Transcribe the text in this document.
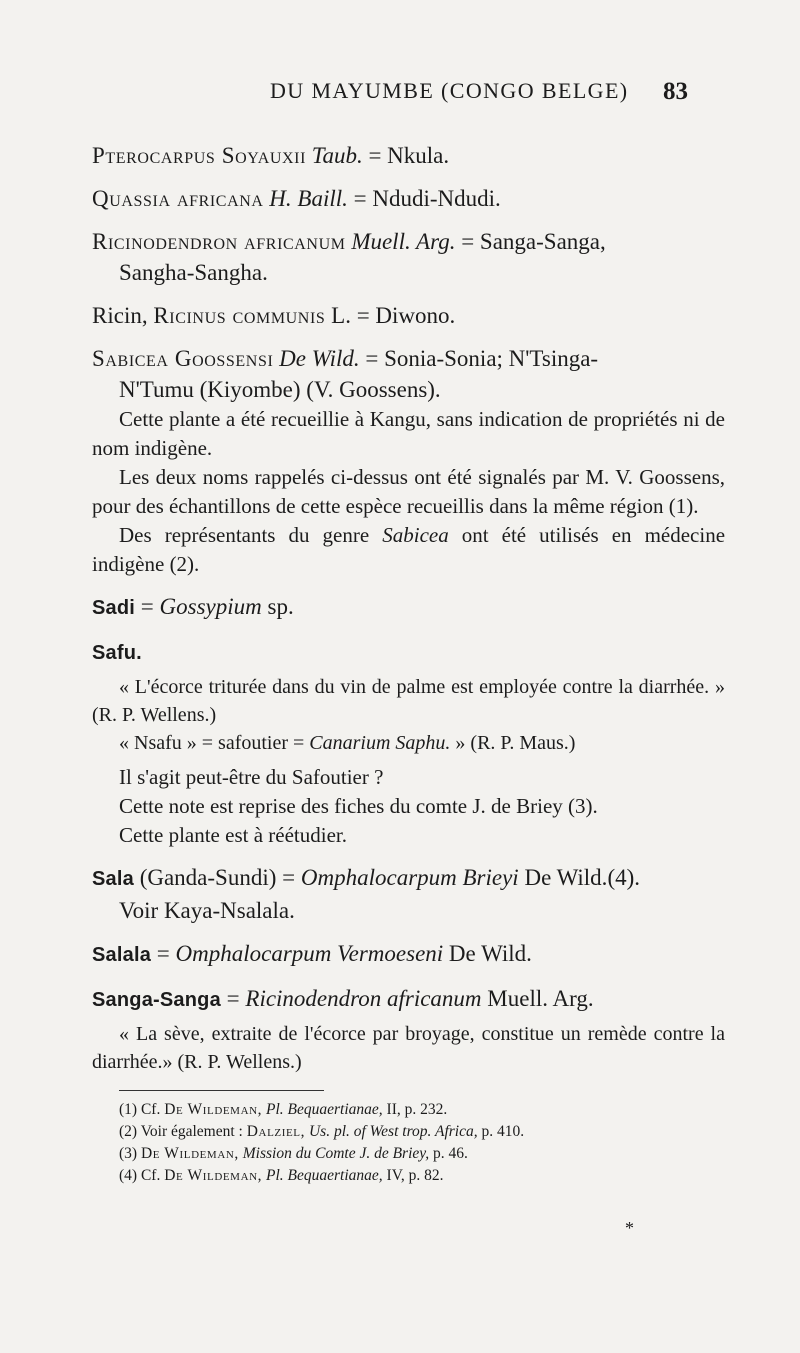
DU MAYUMBE (CONGO BELGE) 83

Pterocarpus Soyauxii Taub. = Nkula.

Quassia africana H. Baill. = Ndudi-Ndudi.

Ricinodendron africanum Muell. Arg. = Sanga-Sanga,
Sangha-Sangha.

Ricin, Ricinus communis L. = Diwono.

Sabicea Goossensi De Wild. = Sonia-Sonia; N'Tsinga-
N'Tumu (Kiyombe) (V. Goossens).

Cette plante a été recueillie à Kangu, sans indication de propriétés ni de nom indigène.

Les deux noms rappelés ci-dessus ont été signalés par M. V. Goossens, pour des échantillons de cette espèce recueillis dans la même région (1).

Des représentants du genre Sabicea ont été utilisés en médecine indigène (2).

Sadi = Gossypium sp.

Safu.

« L'écorce triturée dans du vin de palme est employée contre la diarrhée. » (R. P. Wellens.)

« Nsafu » = safoutier = Canarium Saphu. » (R. P. Maus.)

Il s'agit peut-être du Safoutier ?

Cette note est reprise des fiches du comte J. de Briey (3).

Cette plante est à réétudier.

Sala (Ganda-Sundi) = Omphalocarpum Brieyi De Wild.(4).
Voir Kaya-Nsalala.

Salala = Omphalocarpum Vermoeseni De Wild.

Sanga-Sanga = Ricinodendron africanum Muell. Arg.

« La sève, extraite de l'écorce par broyage, constitue un remède contre la diarrhée.» (R. P. Wellens.)

(1) Cf. De Wildeman, Pl. Bequaertianae, II, p. 232.
(2) Voir également : Dalziel, Us. pl. of West trop. Africa, p. 410.
(3) De Wildeman, Mission du Comte J. de Briey, p. 46.
(4) Cf. De Wildeman, Pl. Bequaertianae, IV, p. 82.
*
